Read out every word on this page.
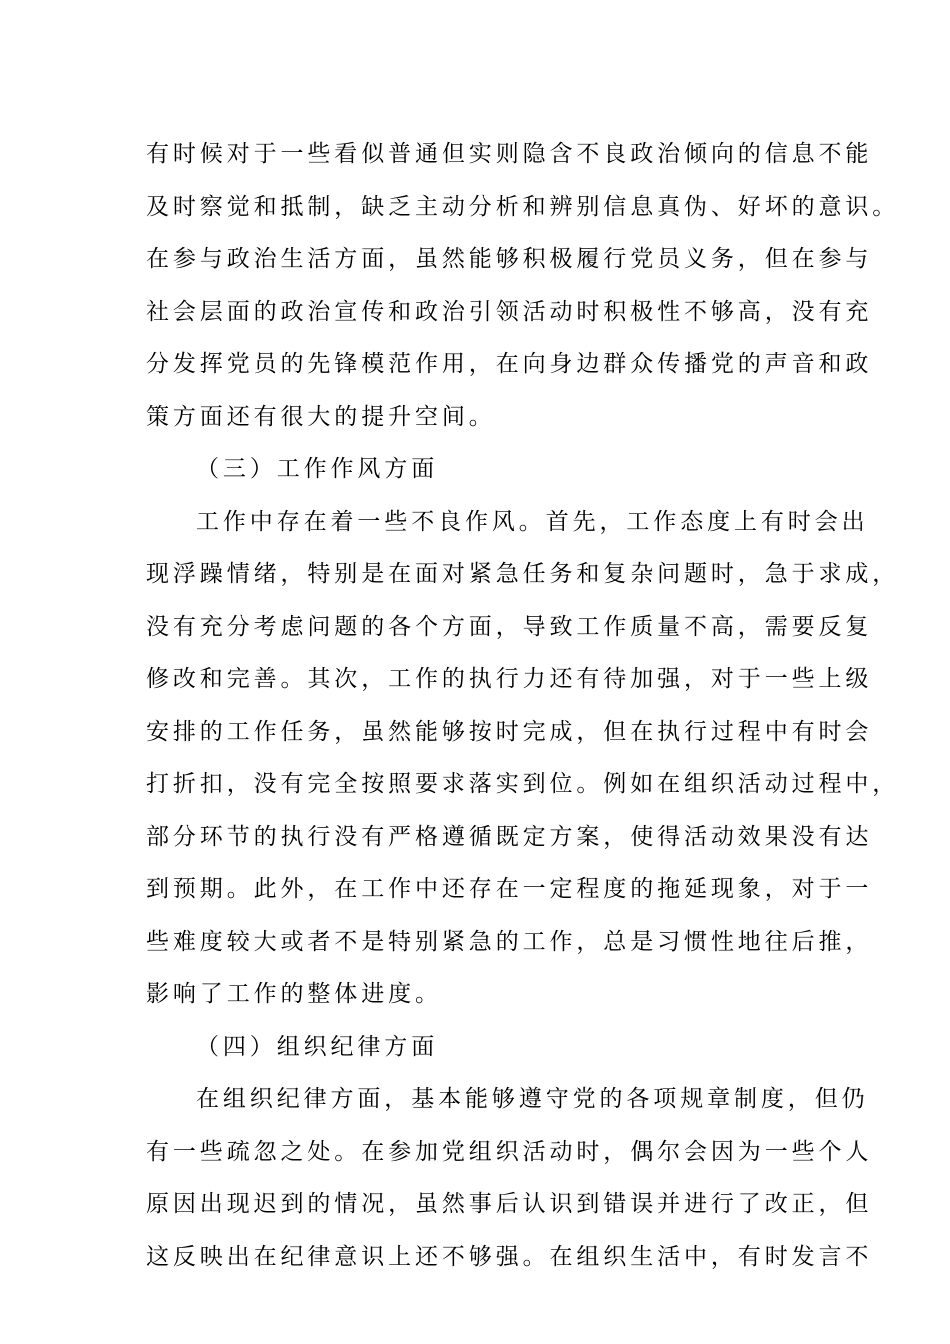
有时候对于一些看似普通但实则隐含不良政治倾向的信息不能
及时察觉和抵制，缺乏主动分析和辨别信息真伪、好坏的意识。
在参与政治生活方面，虽然能够积极履行党员义务，但在参与
社会层面的政治宣传和政治引领活动时积极性不够高，没有充
分发挥党员的先锋模范作用，在向身边群众传播党的声音和政
策方面还有很大的提升空间。
（三）工作作风方面
工作中存在着一些不良作风。首先，工作态度上有时会出
现浮躁情绪，特别是在面对紧急任务和复杂问题时，急于求成，
没有充分考虑问题的各个方面，导致工作质量不高，需要反复
修改和完善。其次，工作的执行力还有待加强，对于一些上级
安排的工作任务，虽然能够按时完成，但在执行过程中有时会
打折扣，没有完全按照要求落实到位。例如在组织活动过程中，
部分环节的执行没有严格遵循既定方案，使得活动效果没有达
到预期。此外，在工作中还存在一定程度的拖延现象，对于一
些难度较大或者不是特别紧急的工作，总是习惯性地往后推，
影响了工作的整体进度。
（四）组织纪律方面
在组织纪律方面，基本能够遵守党的各项规章制度，但仍
有一些疏忽之处。在参加党组织活动时，偶尔会因为一些个人
原因出现迟到的情况，虽然事后认识到错误并进行了改正，但
这反映出在纪律意识上还不够强。在组织生活中，有时发言不
